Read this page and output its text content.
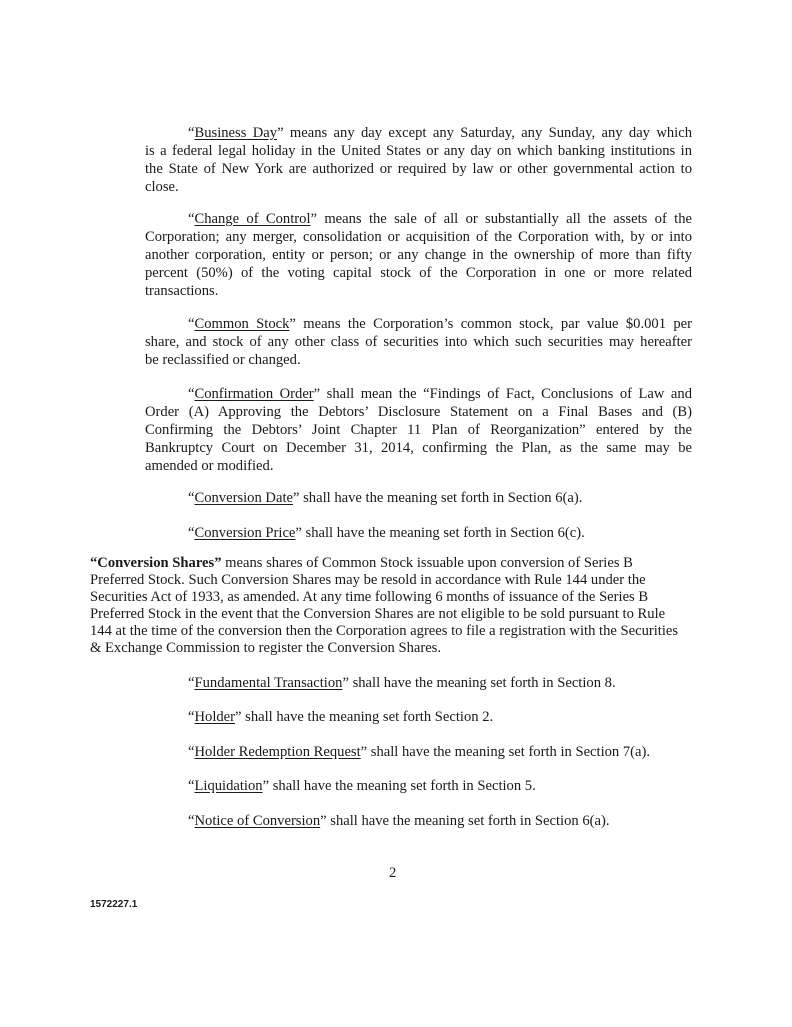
“Business Day” means any day except any Saturday, any Sunday, any day which
is a federal legal holiday in the United States or any day on which banking institutions in
the State of New York are authorized or required by law or other governmental action to
close.
“Change of Control” means the sale of all or substantially all the assets of the
Corporation; any merger, consolidation or acquisition of the Corporation with, by or into
another corporation, entity or person; or any change in the ownership of more than fifty
percent (50%) of the voting capital stock of the Corporation in one or more related
transactions.
“Common Stock” means the Corporation’s common stock, par value $0.001 per
share, and stock of any other class of securities into which such securities may hereafter
be reclassified or changed.
“Confirmation Order” shall mean the “Findings of Fact, Conclusions of Law and
Order (A) Approving the Debtors’ Disclosure Statement on a Final Bases and (B)
Confirming the Debtors’ Joint Chapter 11 Plan of Reorganization” entered by the
Bankruptcy Court on December 31, 2014, confirming the Plan, as the same may be
amended or modified.
“Conversion Date” shall have the meaning set forth in Section 6(a).
“Conversion Price” shall have the meaning set forth in Section 6(c).
“Conversion Shares” means shares of Common Stock issuable upon conversion of Series B
Preferred Stock. Such Conversion Shares may be resold in accordance with Rule 144 under the
Securities Act of 1933, as amended. At any time following 6 months of issuance of the Series B
Preferred Stock in the event that the Conversion Shares are not eligible to be sold pursuant to Rule
144 at the time of the conversion then the Corporation agrees to file a registration with the Securities
& Exchange Commission to register the Conversion Shares.
“Fundamental Transaction” shall have the meaning set forth in Section 8.
“Holder” shall have the meaning set forth Section 2.
“Holder Redemption Request” shall have the meaning set forth in Section 7(a).
“Liquidation” shall have the meaning set forth in Section 5.
“Notice of Conversion” shall have the meaning set forth in Section 6(a).
2
1572227.1
